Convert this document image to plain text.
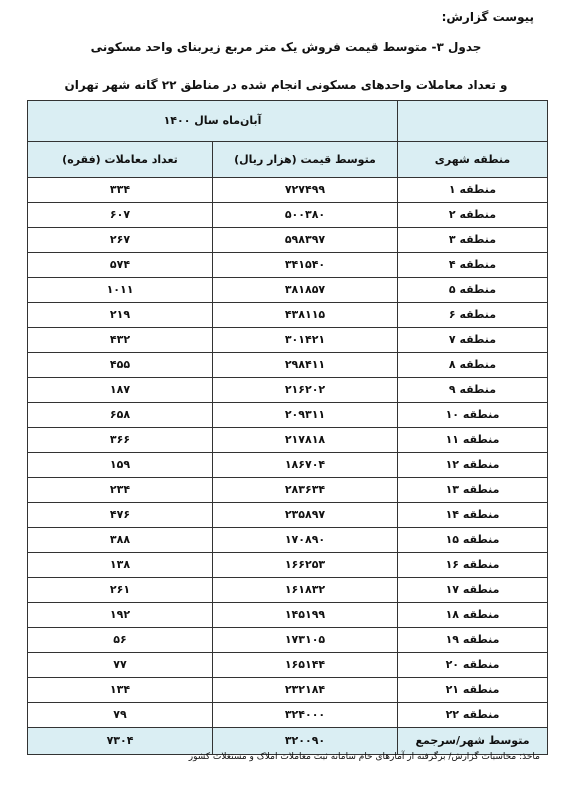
پیوست گزارش:
جدول ۳- متوسط قیمت فروش یک متر مربع زیربنای واحد مسکونی
و تعداد معاملات واحدهای مسکونی انجام شده در مناطق ۲۲ گانه شهر تهران
	آبان‌ماه سال ۱۴۰۰	
منطقه شهری	متوسط قیمت (هزار ریال)	تعداد معاملات (فقره)
منطقه ۱	۷۲۷۴۹۹	۳۳۴
منطقه ۲	۵۰۰۳۸۰	۶۰۷
منطقه ۳	۵۹۸۳۹۷	۲۶۷
منطقه ۴	۳۴۱۵۴۰	۵۷۴
منطقه ۵	۳۸۱۸۵۷	۱۰۱۱
منطقه ۶	۴۳۸۱۱۵	۲۱۹
منطقه ۷	۳۰۱۴۲۱	۴۳۲
منطقه ۸	۲۹۸۴۱۱	۴۵۵
منطقه ۹	۲۱۶۲۰۲	۱۸۷
منطقه ۱۰	۲۰۹۳۱۱	۶۵۸
منطقه ۱۱	۲۱۷۸۱۸	۳۶۶
منطقه ۱۲	۱۸۶۷۰۴	۱۵۹
منطقه ۱۳	۲۸۳۶۳۴	۲۳۴
منطقه ۱۴	۲۳۵۸۹۷	۴۷۶
منطقه ۱۵	۱۷۰۸۹۰	۳۸۸
منطقه ۱۶	۱۶۶۲۵۳	۱۳۸
منطقه ۱۷	۱۶۱۸۳۲	۲۶۱
منطقه ۱۸	۱۴۵۱۹۹	۱۹۲
منطقه ۱۹	۱۷۳۱۰۵	۵۶
منطقه ۲۰	۱۶۵۱۴۴	۷۷
منطقه ۲۱	۲۳۲۱۸۴	۱۳۴
منطقه ۲۲	۳۲۴۰۰۰	۷۹
متوسط شهر/سرجمع	۳۲۰۰۹۰	۷۳۰۴
ماخذ: محاسبات گزارش/ برگرفته از آمارهای خام سامانه ثبت معاملات املاک و مستغلات کشور
